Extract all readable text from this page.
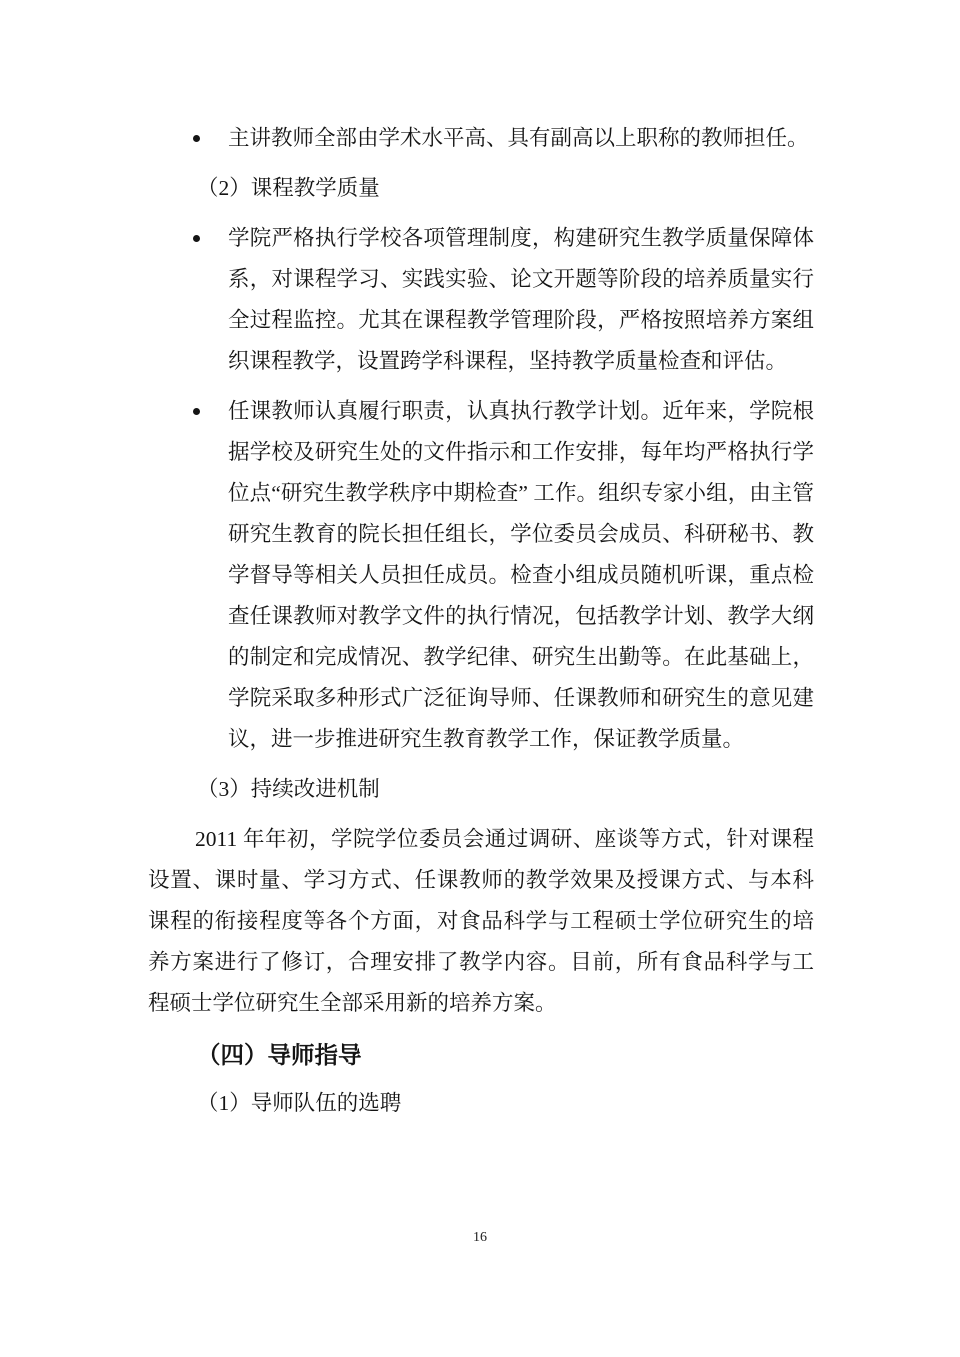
主讲教师全部由学术水平高、具有副高以上职称的教师担任。

（2）课程教学质量

学院严格执行学校各项管理制度，构建研究生教学质量保障体系，对课程学习、实践实验、论文开题等阶段的培养质量实行全过程监控。尤其在课程教学管理阶段，严格按照培养方案组织课程教学，设置跨学科课程，坚持教学质量检查和评估。
任课教师认真履行职责，认真执行教学计划。近年来，学院根据学校及研究生处的文件指示和工作安排，每年均严格执行学位点“研究生教学秩序中期检查” 工作。组织专家小组，由主管研究生教育的院长担任组长，学位委员会成员、科研秘书、教学督导等相关人员担任成员。检查小组成员随机听课，重点检查任课教师对教学文件的执行情况，包括教学计划、教学大纲的制定和完成情况、教学纪律、研究生出勤等。在此基础上，学院采取多种形式广泛征询导师、任课教师和研究生的意见建议，进一步推进研究生教育教学工作，保证教学质量。

（3）持续改进机制

2011 年年初，学院学位委员会通过调研、座谈等方式，针对课程设置、课时量、学习方式、任课教师的教学效果及授课方式、与本科课程的衔接程度等各个方面，对食品科学与工程硕士学位研究生的培养方案进行了修订，合理安排了教学内容。目前，所有食品科学与工程硕士学位研究生全部采用新的培养方案。

（四）导师指导

（1）导师队伍的选聘

16
